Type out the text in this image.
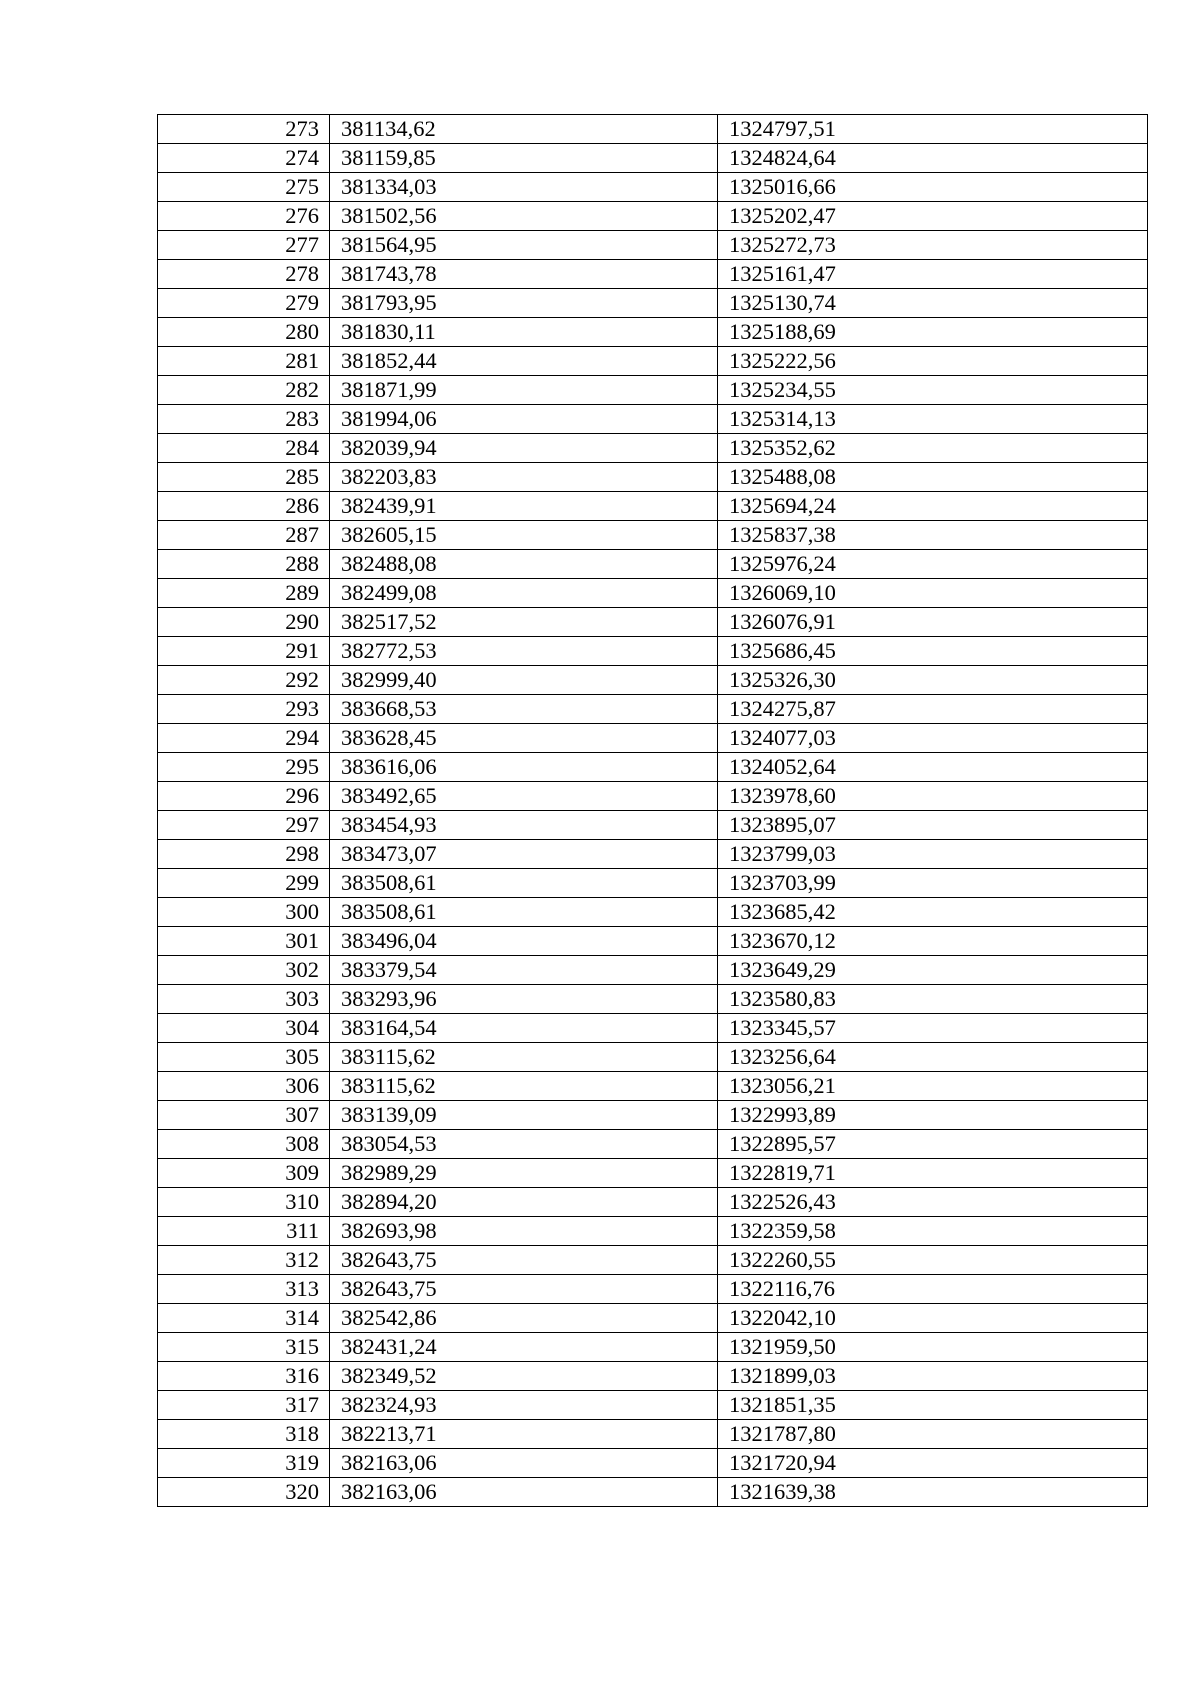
273	381134,62	1324797,51
274	381159,85	1324824,64
275	381334,03	1325016,66
276	381502,56	1325202,47
277	381564,95	1325272,73
278	381743,78	1325161,47
279	381793,95	1325130,74
280	381830,11	1325188,69
281	381852,44	1325222,56
282	381871,99	1325234,55
283	381994,06	1325314,13
284	382039,94	1325352,62
285	382203,83	1325488,08
286	382439,91	1325694,24
287	382605,15	1325837,38
288	382488,08	1325976,24
289	382499,08	1326069,10
290	382517,52	1326076,91
291	382772,53	1325686,45
292	382999,40	1325326,30
293	383668,53	1324275,87
294	383628,45	1324077,03
295	383616,06	1324052,64
296	383492,65	1323978,60
297	383454,93	1323895,07
298	383473,07	1323799,03
299	383508,61	1323703,99
300	383508,61	1323685,42
301	383496,04	1323670,12
302	383379,54	1323649,29
303	383293,96	1323580,83
304	383164,54	1323345,57
305	383115,62	1323256,64
306	383115,62	1323056,21
307	383139,09	1322993,89
308	383054,53	1322895,57
309	382989,29	1322819,71
310	382894,20	1322526,43
311	382693,98	1322359,58
312	382643,75	1322260,55
313	382643,75	1322116,76
314	382542,86	1322042,10
315	382431,24	1321959,50
316	382349,52	1321899,03
317	382324,93	1321851,35
318	382213,71	1321787,80
319	382163,06	1321720,94
320	382163,06	1321639,38
